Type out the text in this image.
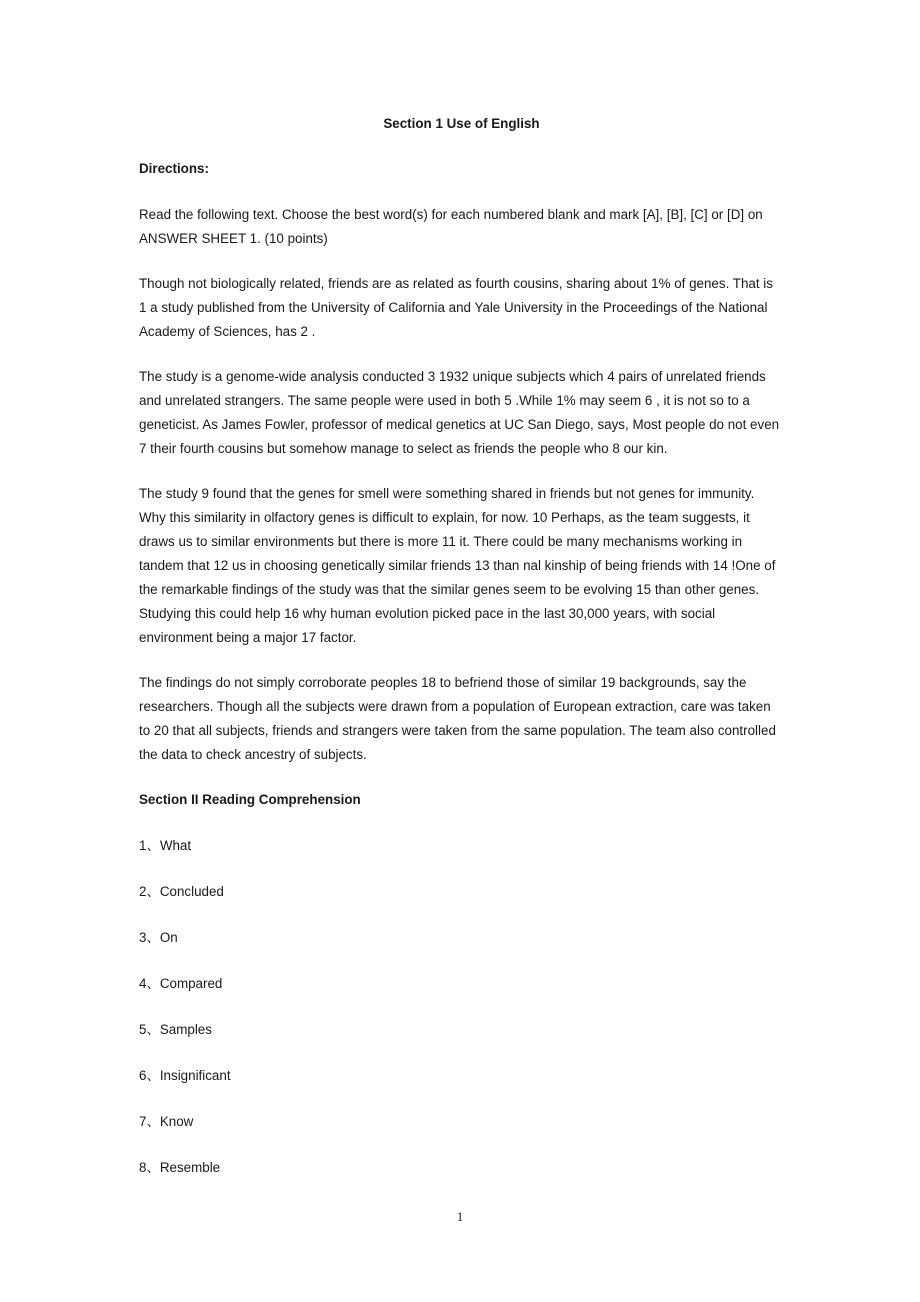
Section 1 Use of English

Directions:

Read the following text. Choose the best word(s) for each numbered blank and mark [A], [B], [C] or [D] on ANSWER SHEET 1. (10 points)

Though not biologically related, friends are as related as fourth cousins, sharing about 1% of genes. That is 1 a study published from the University of California and Yale University in the Proceedings of the National Academy of Sciences, has 2 .

The study is a genome-wide analysis conducted 3 1932 unique subjects which 4 pairs of unrelated friends and unrelated strangers. The same people were used in both 5 .While 1% may seem 6 , it is not so to a geneticist. As James Fowler, professor of medical genetics at UC San Diego, says, Most people do not even 7 their fourth cousins but somehow manage to select as friends the people who 8 our kin.

The study 9 found that the genes for smell were something shared in friends but not genes for immunity. Why this similarity in olfactory genes is difficult to explain, for now. 10 Perhaps, as the team suggests, it draws us to similar environments but there is more 11 it. There could be many mechanisms working in tandem that 12 us in choosing genetically similar friends 13 than nal kinship of being friends with 14 !One of the remarkable findings of the study was that the similar genes seem to be evolving 15 than other genes. Studying this could help 16 why human evolution picked pace in the last 30,000 years, with social environment being a major 17 factor.

The findings do not simply corroborate peoples 18 to befriend those of similar 19 backgrounds, say the researchers. Though all the subjects were drawn from a population of European extraction, care was taken to 20 that all subjects, friends and strangers were taken from the same population. The team also controlled the data to check ancestry of subjects.

Section II Reading Comprehension

1、What
2、Concluded
3、On
4、Compared
5、Samples
6、Insignificant
7、Know
8、Resemble
1
